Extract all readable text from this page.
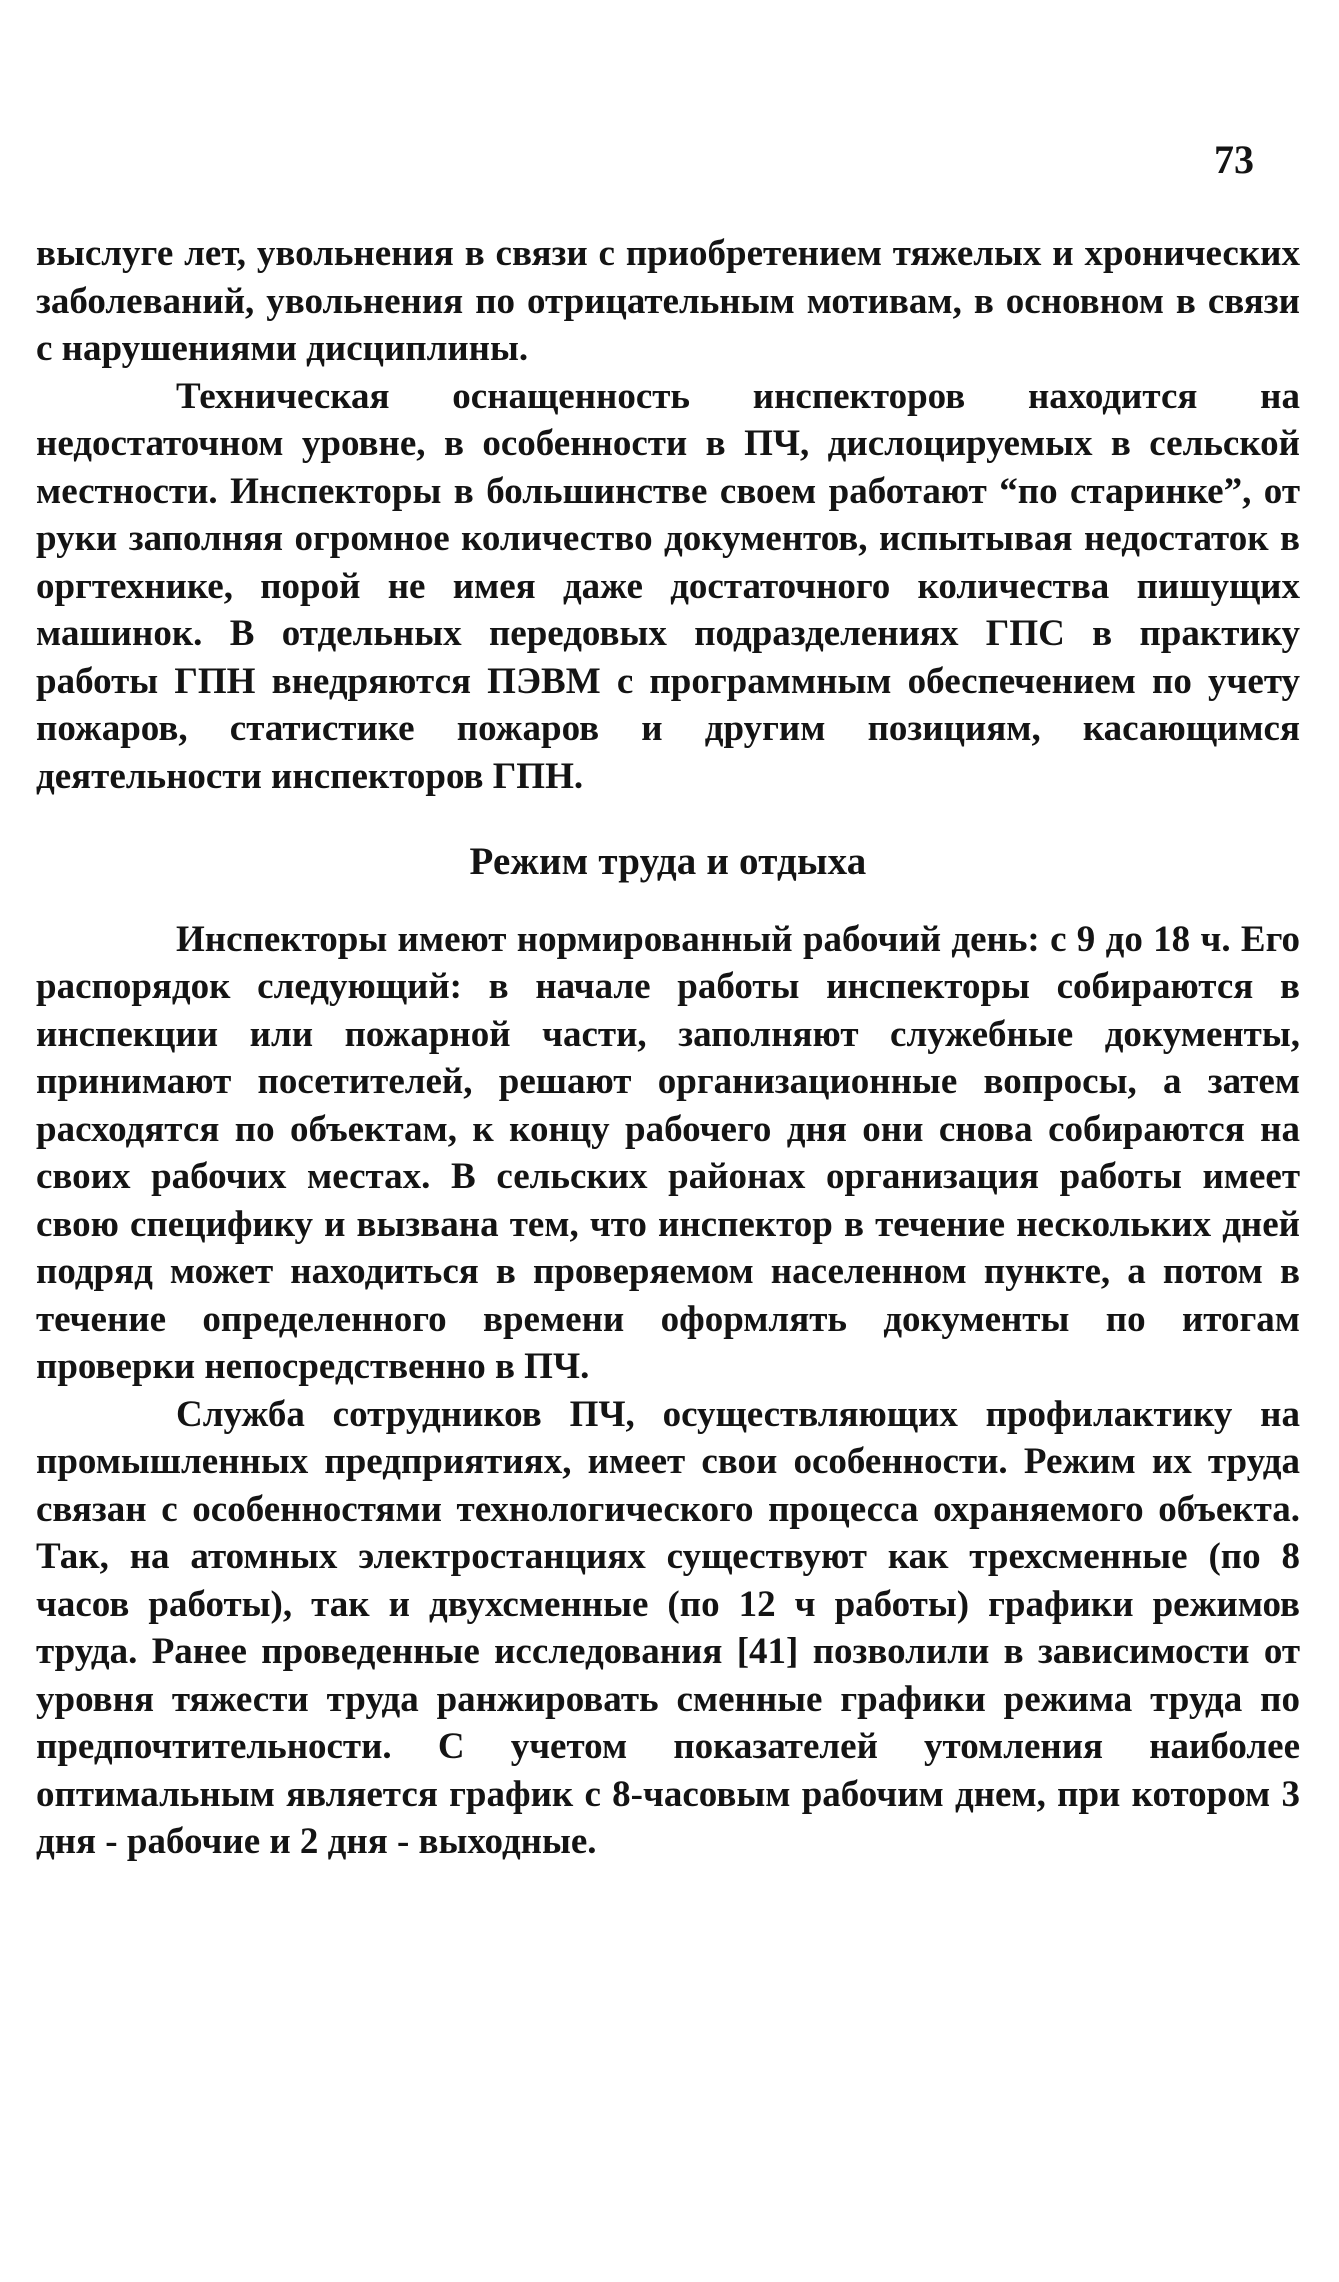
73

выслуге лет, увольнения в связи с приобретением тяжелых и хронических заболеваний, увольнения по отрицательным мотивам, в основном в связи с нарушениями дисциплины.

Техническая оснащенность инспекторов находится на недостаточном уровне, в особенности в ПЧ, дислоцируемых в сельской местности. Инспекторы в большинстве своем работают “по старинке”, от руки заполняя огромное количество документов, испытывая недостаток в оргтехнике, порой не имея даже достаточного количества пишущих машинок. В отдельных передовых подразделениях ГПС в практику работы ГПН внедряются ПЭВМ с программным обеспечением по учету пожаров, статистике пожаров и другим позициям, касающимся деятельности инспекторов ГПН.

Режим труда и отдыха

Инспекторы имеют нормированный рабочий день: с 9 до 18 ч. Его распорядок следующий: в начале работы инспекторы собираются в инспекции или пожарной части, заполняют служебные документы, принимают посетителей, решают организационные вопросы, а затем расходятся по объектам, к концу рабочего дня они снова собираются на своих рабочих местах. В сельских районах организация работы имеет свою специфику и вызвана тем, что инспектор в течение нескольких дней подряд может находиться в проверяемом населенном пункте, а потом в течение определенного времени оформлять документы по итогам проверки непосредственно в ПЧ.

Служба сотрудников ПЧ, осуществляющих профилактику на промышленных предприятиях, имеет свои особенности. Режим их труда связан с особенностями технологического процесса охраняемого объекта. Так, на атомных электростанциях существуют как трехсменные (по 8 часов работы), так и двухсменные (по 12 ч работы) графики режимов труда. Ранее проведенные исследования [41] позволили в зависимости от уровня тяжести труда ранжировать сменные графики режима труда по предпочтительности. С учетом показателей утомления наиболее оптимальным является график с 8-часовым рабочим днем, при котором 3 дня - рабочие и 2 дня - выходные.
